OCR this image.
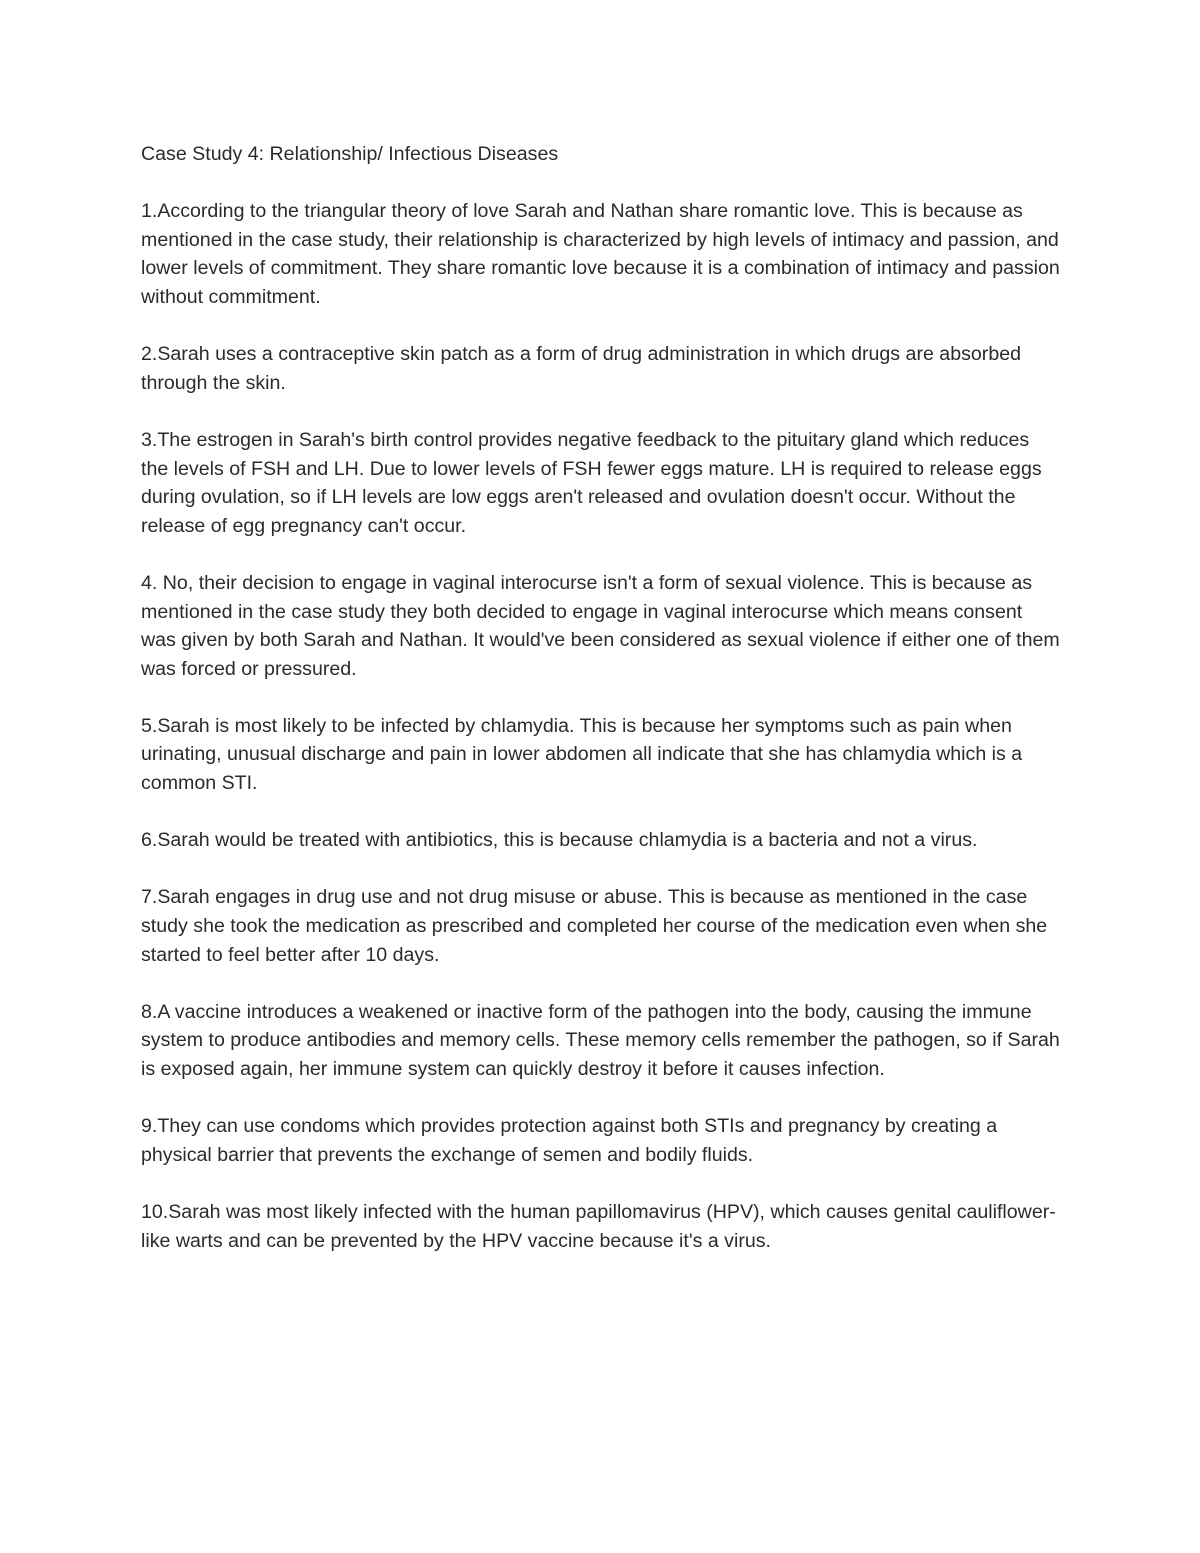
Case Study 4: Relationship/ Infectious Diseases

1.According to the triangular theory of love Sarah and Nathan share romantic love. This is because as mentioned in the case study, their relationship is characterized by high levels of intimacy and passion, and lower levels of commitment. They share romantic love because it is a combination of intimacy and passion without commitment.

2.Sarah uses a contraceptive skin patch as a form of drug administration in which drugs are absorbed through the skin.

3.The estrogen in Sarah's birth control provides negative feedback to the pituitary gland which reduces the levels of FSH and LH. Due to lower levels of FSH fewer eggs mature. LH is required to release eggs during ovulation, so if LH levels are low eggs aren't released and ovulation doesn't occur. Without the release of egg pregnancy can't occur.

4. No, their decision to engage in vaginal interocurse isn't a form of sexual violence. This is because as mentioned in the case study they both decided to engage in vaginal interocurse which means consent was given by both Sarah and Nathan. It would've been considered as sexual violence if either one of them was forced or pressured.

5.Sarah is most likely to be infected by chlamydia. This is because her symptoms such as pain when urinating, unusual discharge and pain in lower abdomen all indicate that she has chlamydia which is a common STI.

6.Sarah would be treated with antibiotics, this is because chlamydia is a bacteria and not a virus.

7.Sarah engages in drug use and not drug misuse or abuse. This is because as mentioned in the case study she took the medication as prescribed and completed her course of the medication even when she started to feel better after 10 days.

8.A vaccine introduces a weakened or inactive form of the pathogen into the body, causing the immune system to produce antibodies and memory cells. These memory cells remember the pathogen, so if Sarah is exposed again, her immune system can quickly destroy it before it causes infection.

9.They can use condoms which provides protection against both STIs and pregnancy by creating a physical barrier that prevents the exchange of semen and bodily fluids.

10.Sarah was most likely infected with the human papillomavirus (HPV), which causes genital cauliflower- like warts and can be prevented by the HPV vaccine because it's a virus.
